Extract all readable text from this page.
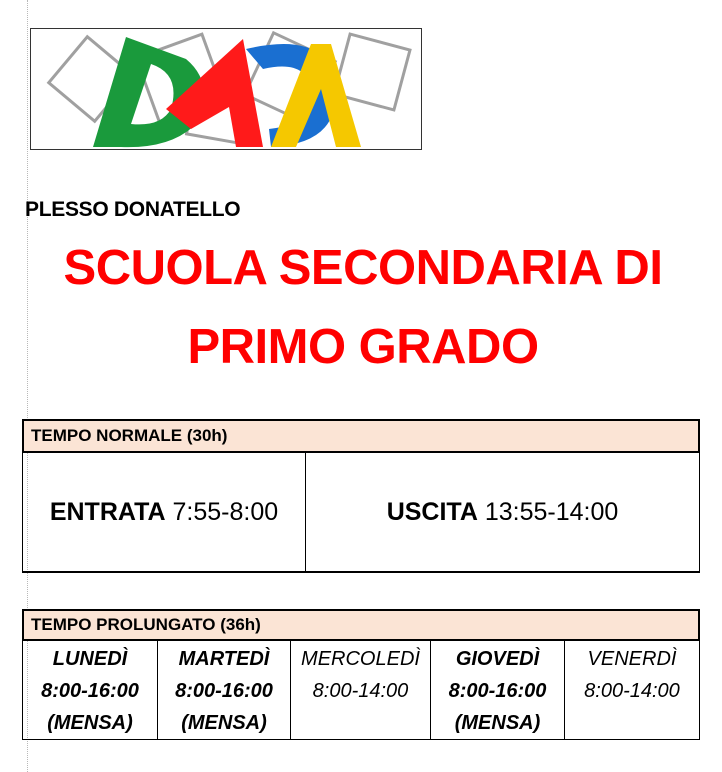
PLESSO DONATELLO
SCUOLA SECONDARIA DI
PRIMO GRADO
TEMPO NORMALE (30h)
ENTRATA
7:55-8:00	USCITA
13:55-14:00
TEMPO PROLUNGATO (36h)
LUNEDÌ
8:00-16:00
(MENSA)
MARTEDÌ
8:00-16:00
(MENSA)
MERCOLEDÌ
8:00-14:00
GIOVEDÌ
8:00-16:00
(MENSA)
VENERDÌ
8:00-14:00
